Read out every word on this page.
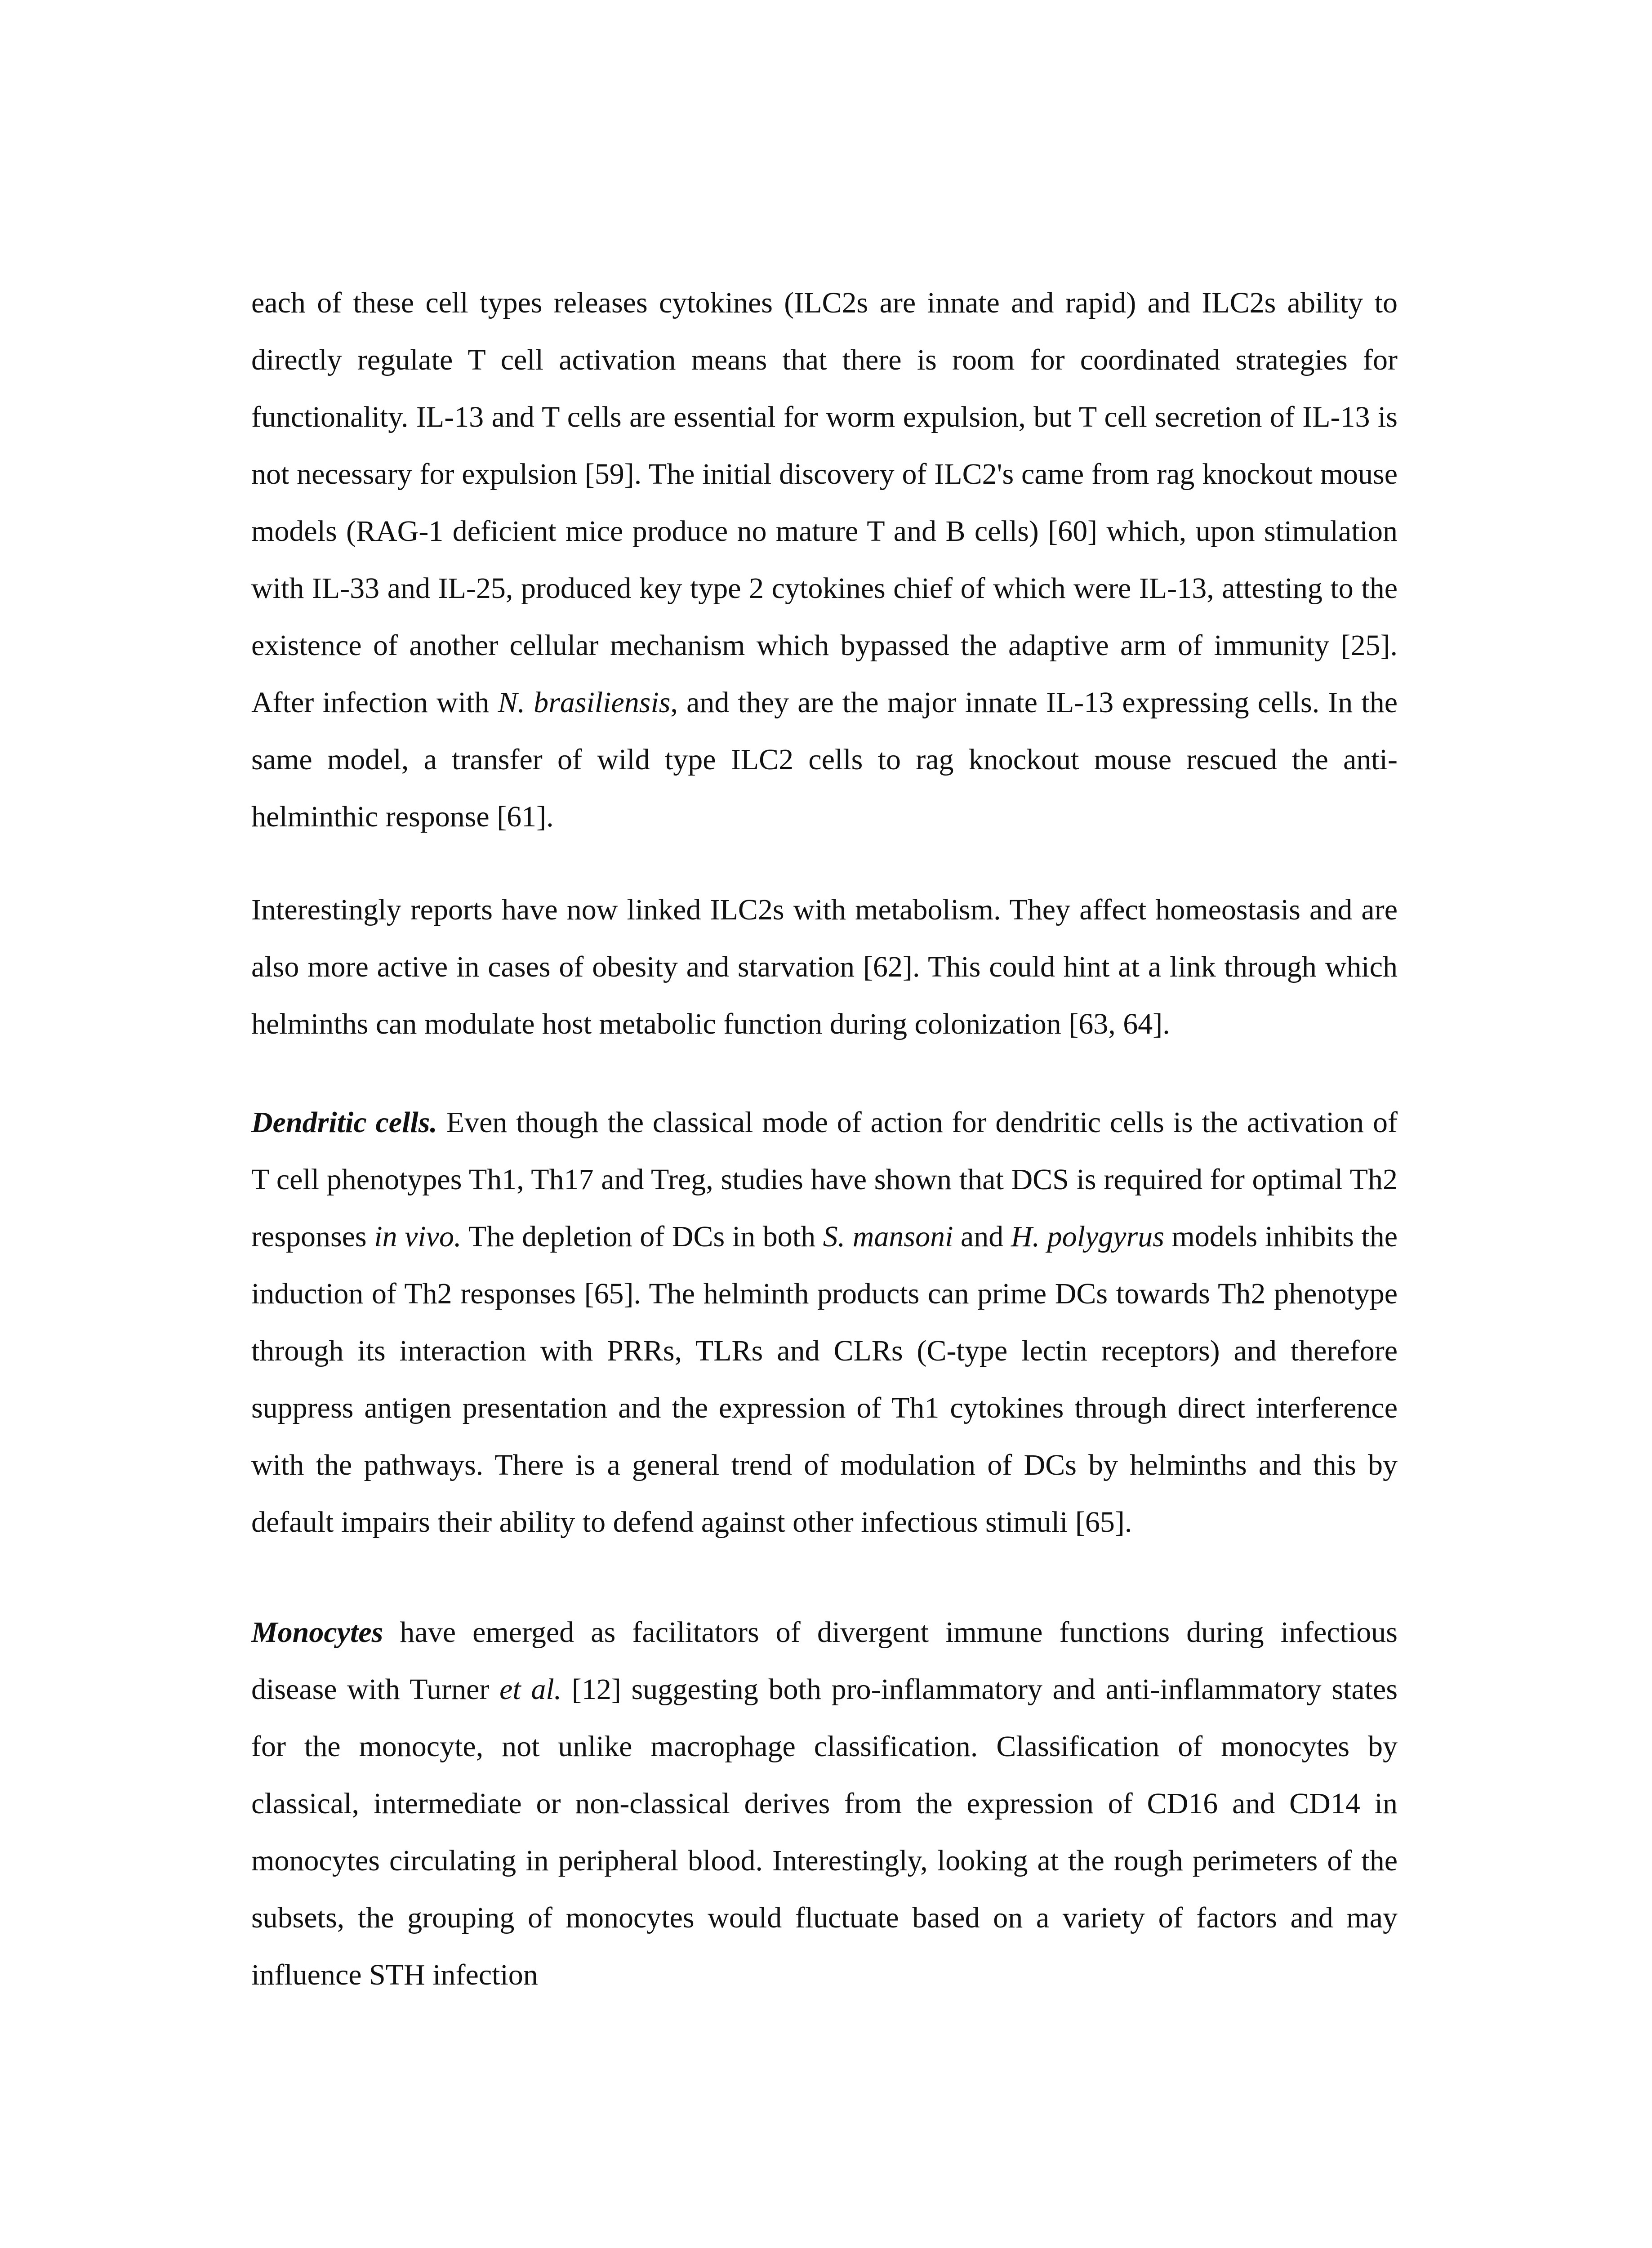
each of these cell types releases cytokines (ILC2s are innate and rapid) and ILC2s ability to directly regulate T cell activation means that there is room for coordinated strategies for functionality. IL-13 and T cells are essential for worm expulsion, but T cell secretion of IL-13 is not necessary for expulsion [59]. The initial discovery of ILC2's came from rag knockout mouse models (RAG-1 deficient mice produce no mature T and B cells) [60] which, upon stimulation with IL-33 and IL-25, produced key type 2 cytokines chief of which were IL-13, attesting to the existence of another cellular mechanism which bypassed the adaptive arm of immunity [25]. After infection with N. brasiliensis, and they are the major innate IL-13 expressing cells. In the same model, a transfer of wild type ILC2 cells to rag knockout mouse rescued the anti-helminthic response [61].

Interestingly reports have now linked ILC2s with metabolism. They affect homeostasis and are also more active in cases of obesity and starvation [62]. This could hint at a link through which helminths can modulate host metabolic function during colonization [63, 64].

Dendritic cells. Even though the classical mode of action for dendritic cells is the activation of T cell phenotypes Th1, Th17 and Treg, studies have shown that DCS is required for optimal Th2 responses in vivo. The depletion of DCs in both S. mansoni and H. polygyrus models inhibits the induction of Th2 responses [65]. The helminth products can prime DCs towards Th2 phenotype through its interaction with PRRs, TLRs and CLRs (C-type lectin receptors) and therefore suppress antigen presentation and the expression of Th1 cytokines through direct interference with the pathways. There is a general trend of modulation of DCs by helminths and this by default impairs their ability to defend against other infectious stimuli [65].

Monocytes have emerged as facilitators of divergent immune functions during infectious disease with Turner et al. [12] suggesting both pro-inflammatory and anti-inflammatory states for the monocyte, not unlike macrophage classification. Classification of monocytes by classical, intermediate or non-classical derives from the expression of CD16 and CD14 in monocytes circulating in peripheral blood. Interestingly, looking at the rough perimeters of the subsets, the grouping of monocytes would fluctuate based on a variety of factors and may influence STH infection
